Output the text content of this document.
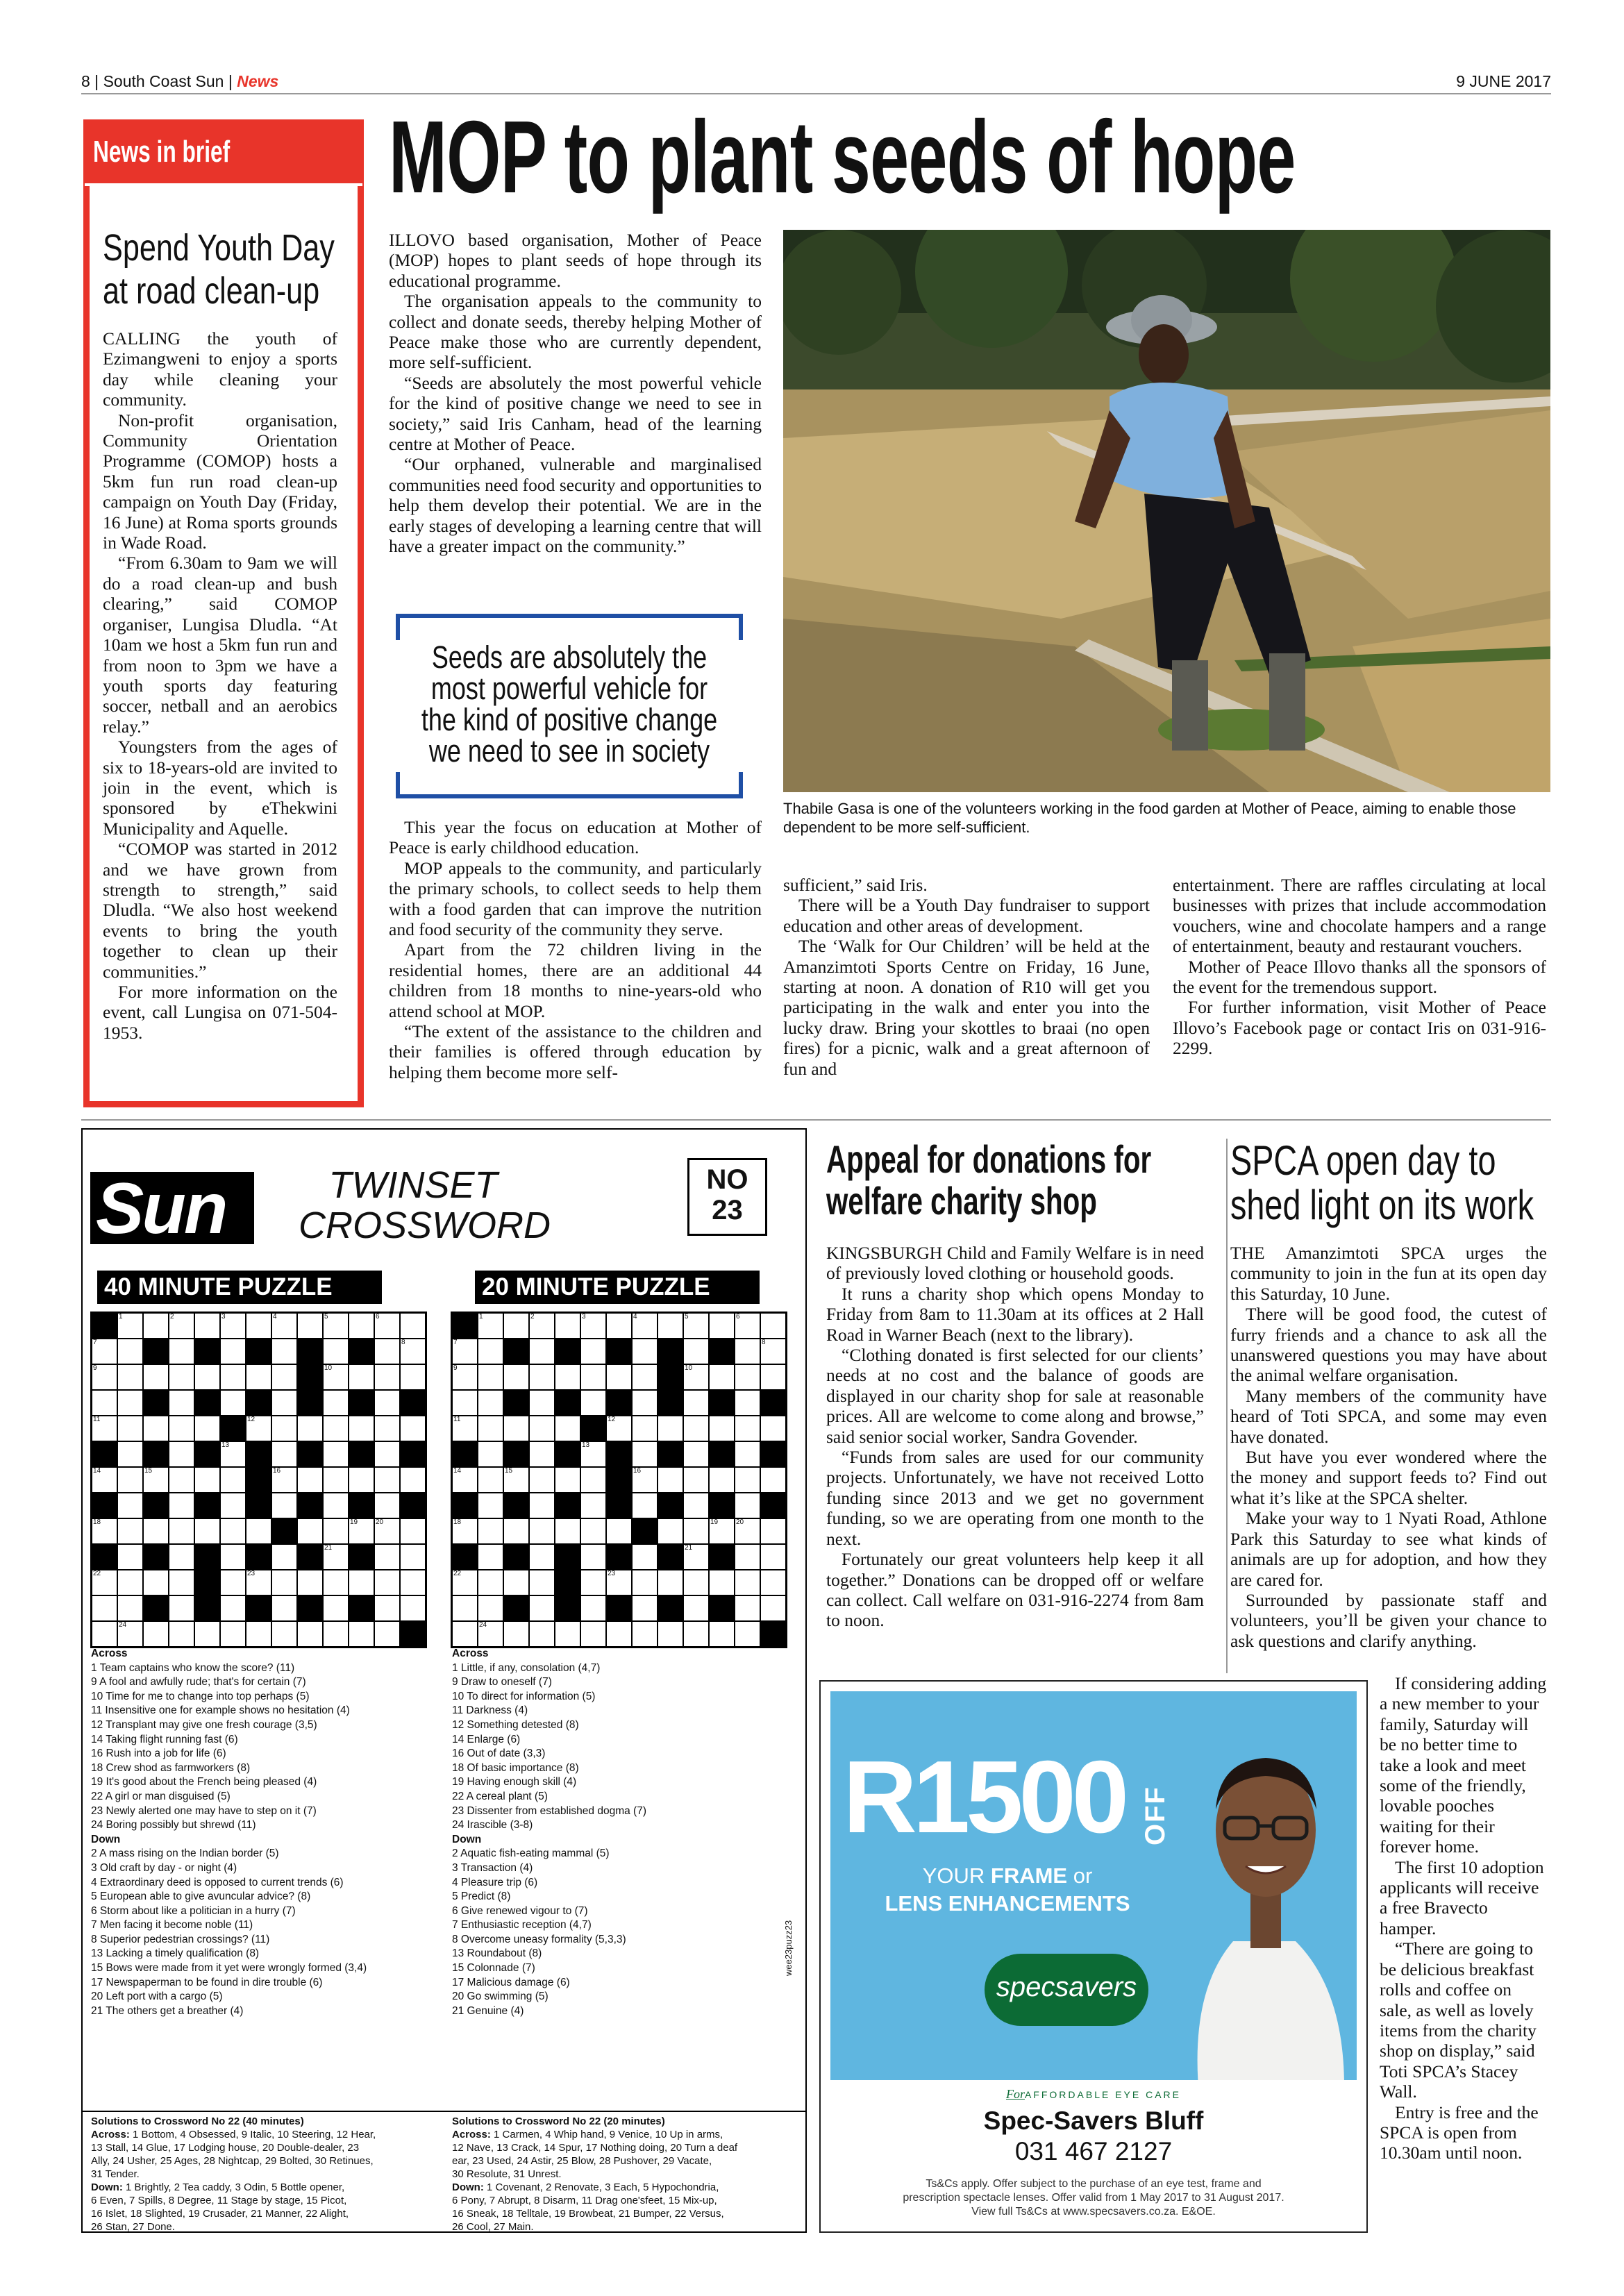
8 | South Coast Sun | News	9 JUNE 2017
News in brief
Spend Youth Day
at road clean-up

CALLING the youth of Ezimangweni to enjoy a sports day while cleaning your community.

Non-profit organisation, Community Orientation Programme (COMOP) hosts a 5km fun run road clean-up campaign on Youth Day (Friday, 16 June) at Roma sports grounds in Wade Road.

“From 6.30am to 9am we will do a road clean-up and bush clearing,” said COMOP organiser, Lungisa Dludla. “At 10am we host a 5km fun run and from noon to 3pm we have a youth sports day featuring soccer, netball and an aerobics relay.”

Youngsters from the ages of six to 18-years-old are invited to join in the event, which is sponsored by eThekwini Municipality and Aquelle.

“COMOP was started in 2012 and we have grown from strength to strength,” said Dludla. “We also host weekend events to bring the youth together to clean up their communities.”

For more information on the event, call Lungisa on 071-504-1953.

MOP to plant seeds of hope

ILLOVO based organisation, Mother of Peace (MOP) hopes to plant seeds of hope through its educational programme.

The organisation appeals to the community to collect and donate seeds, thereby helping Mother of Peace make those who are currently dependent, more self-sufficient.

“Seeds are absolutely the most powerful vehicle for the kind of positive change we need to see in society,” said Iris Canham, head of the learning centre at Mother of Peace.

“Our orphaned, vulnerable and marginalised communities need food security and opportunities to help them develop their potential. We are in the early stages of developing a learning centre that will have a greater impact on the community.”

Seeds are absolutely the most powerful vehicle for the kind of positive change we need to see in society

This year the focus on education at Mother of Peace is early childhood education.

MOP appeals to the community, and particularly the primary schools, to collect seeds to help them with a food garden that can improve the nutrition and food security of the community they serve.

Apart from the 72 children living in the residential homes, there are an additional 44 children from 18 months to nine-years-old who attend school at MOP.

“The extent of the assistance to the children and their families is offered through education by helping them become more self-

Thabile Gasa is one of the volunteers working in the food garden at Mother of Peace, aiming to enable those dependent to be more self-sufficient.

sufficient,” said Iris.

There will be a Youth Day fundraiser to support education and other areas of development.

The ‘Walk for Our Children’ will be held at the Amanzimtoti Sports Centre on Friday, 16 June, starting at noon. A donation of R10 will get you participating in the walk and enter you into the lucky draw. Bring your skottles to braai (no open fires) for a picnic, walk and a great afternoon of fun and

entertainment. There are raffles circulating at local businesses with prizes that include accommodation vouchers, wine and chocolate hampers and a range of entertainment, beauty and restaurant vouchers.

Mother of Peace Illovo thanks all the sponsors of the event for the tremendous support.

For further information, visit Mother of Peace Illovo’s Facebook page or contact Iris on 031-916-2299.

Sun	TWINSET
CROSSWORD
NO
23
40 MINUTE PUZZLE	20 MINUTE PUZZLE
1	2	3	4	5	6
7	8
9	10
11	12
13
14	15	16
18	19	20
21
22	23
24
1	2	3	4	5	6
7	8
9	10
11	12
13
14	15	16
18	19	20
21
22	23
24
Across
1 Team captains who know the score? (11)
9 A fool and awfully rude; that's for certain (7)
10 Time for me to change into top perhaps (5)
11 Insensitive one for example shows no hesitation (4)
12 Transplant may give one fresh courage (3,5)
14 Taking flight running fast (6)
16 Rush into a job for life (6)
18 Crew shod as farmworkers (8)
19 It's good about the French being pleased (4)
22 A girl or man disguised (5)
23 Newly alerted one may have to step on it (7)
24 Boring possibly but shrewd (11)
Down
2 A mass rising on the Indian border (5)
3 Old craft by day - or night (4)
4 Extraordinary deed is opposed to current trends (6)
5 European able to give avuncular advice? (8)
6 Storm about like a politician in a hurry (7)
7 Men facing it become noble (11)
8 Superior pedestrian crossings? (11)
13 Lacking a timely qualification (8)
15 Bows were made from it yet were wrongly formed (3,4)
17 Newspaperman to be found in dire trouble (6)
20 Left port with a cargo (5)
21 The others get a breather (4)
Across
1 Little, if any, consolation (4,7)
9 Draw to oneself (7)
10 To direct for information (5)
11 Darkness (4)
12 Something detested (8)
14 Enlarge (6)
16 Out of date (3,3)
18 Of basic importance (8)
19 Having enough skill (4)
22 A cereal plant (5)
23 Dissenter from established dogma (7)
24 Irascible (3-8)
Down
2 Aquatic fish-eating mammal (5)
3 Transaction (4)
4 Pleasure trip (6)
5 Predict (8)
6 Give renewed vigour to (7)
7 Enthusiastic reception (4,7)
8 Overcome uneasy formality (5,3,3)
13 Roundabout (8)
15 Colonnade (7)
17 Malicious damage (6)
20 Go swimming (5)
21 Genuine (4)
wee23puzz23
Solutions to Crossword No 22 (40 minutes)
Across: 1 Bottom, 4 Obsessed, 9 Italic, 10 Steering, 12 Hear,
13 Stall, 14 Glue, 17 Lodging house, 20 Double-dealer, 23
Ally, 24 Usher, 25 Ages, 28 Nightcap, 29 Bolted, 30 Retinues,
31 Tender.
Down: 1 Brightly, 2 Tea caddy, 3 Odin, 5 Bottle opener,
6 Even, 7 Spills, 8 Degree, 11 Stage by stage, 15 Picot,
16 Islet, 18 Slighted, 19 Crusader, 21 Manner, 22 Alight,
26 Stan, 27 Done.
Solutions to Crossword No 22 (20 minutes)
Across: 1 Carmen, 4 Whip hand, 9 Venice, 10 Up in arms,
12 Nave, 13 Crack, 14 Spur, 17 Nothing doing, 20 Turn a deaf
ear, 23 Used, 24 Astir, 25 Blow, 28 Pushover, 29 Vacate,
30 Resolute, 31 Unrest.
Down: 1 Covenant, 2 Renovate, 3 Each, 5 Hypochondria,
6 Pony, 7 Abrupt, 8 Disarm, 11 Drag one'sfeet, 15 Mix-up,
16 Sneak, 18 Telltale, 19 Browbeat, 21 Bumper, 22 Versus,
26 Cool, 27 Main.
Appeal for donations for
welfare charity shop

KINGSBURGH Child and Family Welfare is in need of previously loved clothing or household goods.

It runs a charity shop which opens Monday to Friday from 8am to 11.30am at its offices at 2 Hall Road in Warner Beach (next to the library).

“Clothing donated is first selected for our clients’ needs at no cost and the balance of goods are displayed in our charity shop for sale at reasonable prices. All are welcome to come along and browse,” said senior social worker, Sandra Govender.

“Funds from sales are used for our community projects. Unfortunately, we have not received Lotto funding since 2013 and we get no government funding, so we are operating from one month to the next.

Fortunately our great volunteers help keep it all together.” Donations can be dropped off or welfare can collect. Call welfare on 031-916-2274 from 8am to noon.

SPCA open day to
shed light on its work

THE Amanzimtoti SPCA urges the community to join in the fun at its open day this Saturday, 10 June.

There will be good food, the cutest of furry friends and a chance to ask all the unanswered questions you may have about the animal welfare organisation.

Many members of the community have heard of Toti SPCA, and some may even have donated.

But have you ever wondered where the the money and support feeds to? Find out what it’s like at the SPCA shelter.

Make your way to 1 Nyati Road, Athlone Park this Saturday to see what kinds of animals are up for adoption, and how they are cared for.

Surrounded by passionate staff and volunteers, you’ll be given your chance to ask questions and clarify anything.

If considering adding a new member to your family, Saturday will be no better time to take a look and meet some of the friendly, lovable pooches waiting for their forever home.

The first 10 adoption applicants will receive a free Bravecto hamper.

“There are going to be delicious breakfast rolls and coffee on sale, as well as lovely items from the charity shop on display,” said Toti SPCA’s Stacey Wall.

Entry is free and the SPCA is open from 10.30am until noon.

R1500 OFF
YOUR FRAME or
LENS ENHANCEMENTS
specsavers
ForAFFORDABLE EYE CARE
Spec-Savers Bluff
031 467 2127
Ts&Cs apply. Offer subject to the purchase of an eye test, frame and
prescription spectacle lenses. Offer valid from 1 May 2017 to 31 August 2017.
View full Ts&Cs at www.specsavers.co.za. E&OE.
